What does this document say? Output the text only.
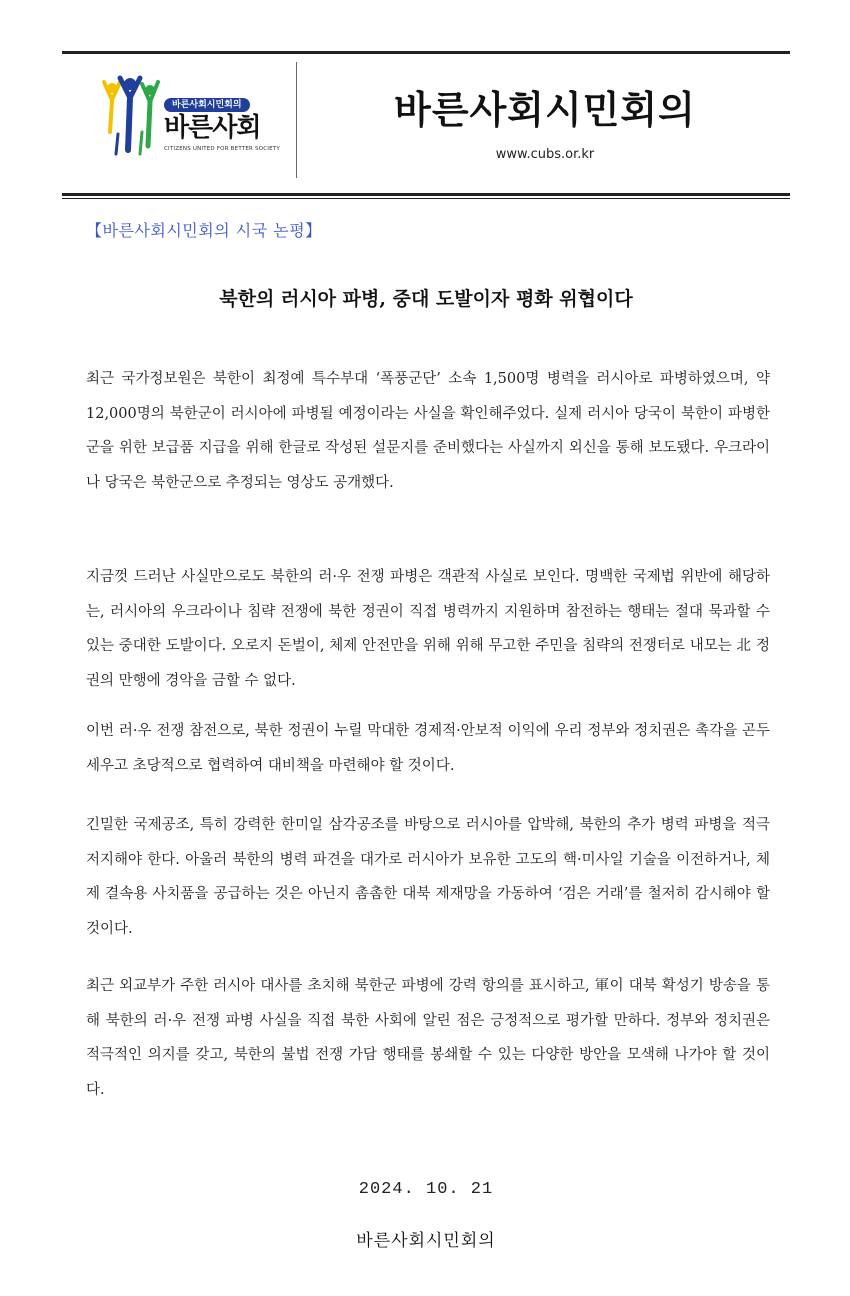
바른사회시민회의
바른사회
CITIZENS UNITED FOR BETTER SOCIETY
바른사회시민회의
www.cubs.or.kr
【바른사회시민회의 시국 논평】
북한의 러시아 파병, 중대 도발이자 평화 위협이다

최근 국가정보원은 북한이 최정예 특수부대 ‘폭풍군단’ 소속 1,500명 병력을 러시아로 파병하였으며, 약 12,000명의 북한군이 러시아에 파병될 예정이라는 사실을 확인해주었다. 실제 러시아 당국이 북한이 파병한 군을 위한 보급품 지급을 위해 한글로 작성된 설문지를 준비했다는 사실까지 외신을 통해 보도됐다. 우크라이나 당국은 북한군으로 추정되는 영상도 공개했다.

지금껏 드러난 사실만으로도 북한의 러·우 전쟁 파병은 객관적 사실로 보인다. 명백한 국제법 위반에 해당하는, 러시아의 우크라이나 침략 전쟁에 북한 정권이 직접 병력까지 지원하며 참전하는 행태는 절대 묵과할 수 있는 중대한 도발이다. 오로지 돈벌이, 체제 안전만을 위해 위해 무고한 주민을 침략의 전쟁터로 내모는 北 정권의 만행에 경악을 금할 수 없다.

이번 러·우 전쟁 참전으로, 북한 정권이 누릴 막대한 경제적·안보적 이익에 우리 정부와 정치권은 촉각을 곤두세우고 초당적으로 협력하여 대비책을 마련해야 할 것이다.

긴밀한 국제공조, 특히 강력한 한미일 삼각공조를 바탕으로 러시아를 압박해, 북한의 추가 병력 파병을 적극 저지해야 한다. 아울러 북한의 병력 파견을 대가로 러시아가 보유한 고도의 핵·미사일 기술을 이전하거나, 체제 결속용 사치품을 공급하는 것은 아닌지 촘촘한 대북 제재망을 가동하여 ‘검은 거래’를 철저히 감시해야 할 것이다.

최근 외교부가 주한 러시아 대사를 초치해 북한군 파병에 강력 항의를 표시하고, 軍이 대북 확성기 방송을 통해 북한의 러·우 전쟁 파병 사실을 직접 북한 사회에 알린 점은 긍정적으로 평가할 만하다. 정부와 정치권은 적극적인 의지를 갖고, 북한의 불법 전쟁 가담 행태를 봉쇄할 수 있는 다양한 방안을 모색해 나가야 할 것이다.

2024. 10. 21
바른사회시민회의
